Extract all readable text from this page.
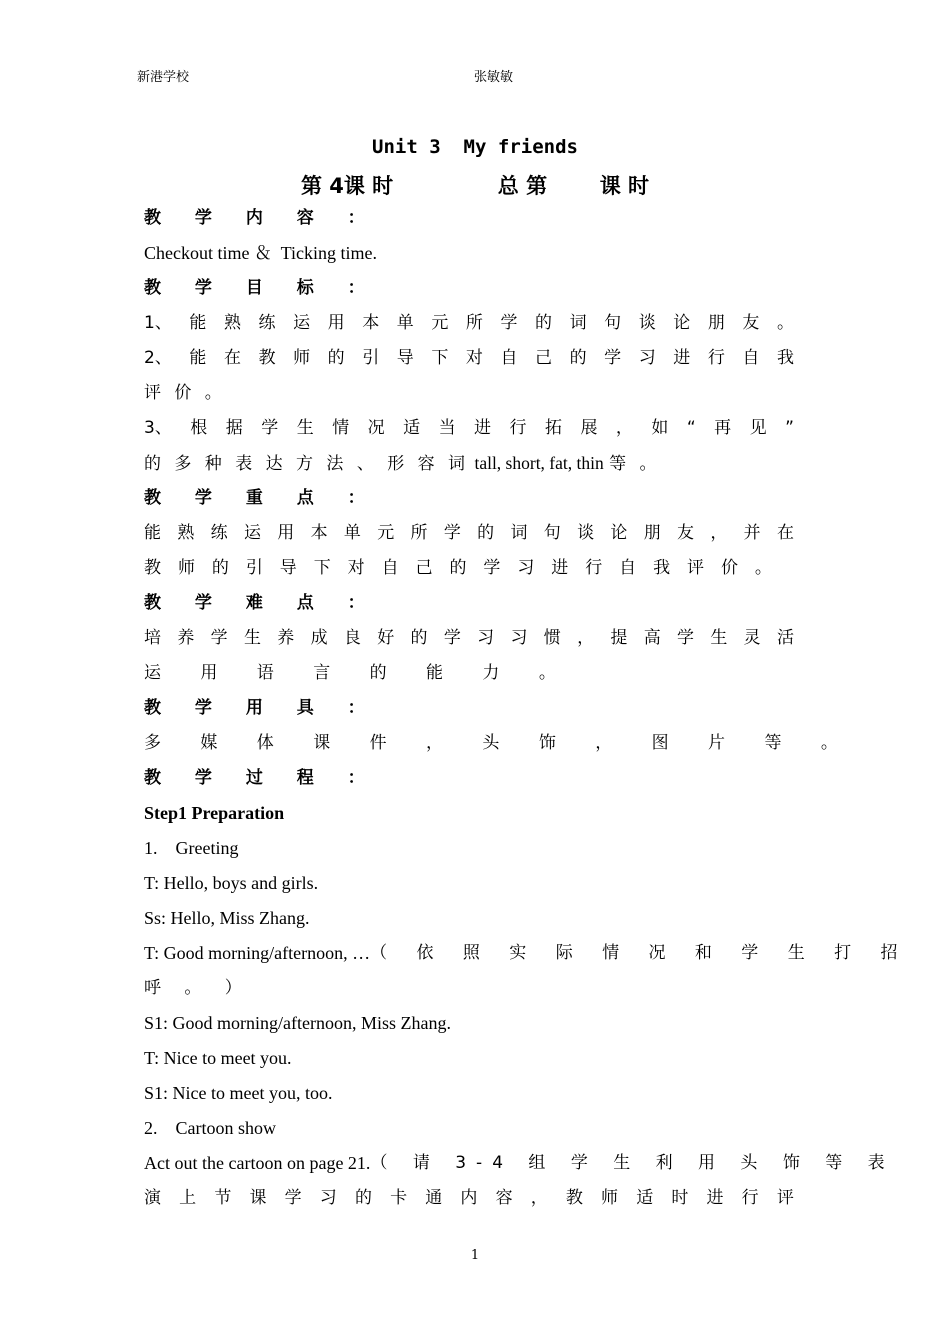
新港学校	张敏敏
Unit 3  My friends
第 4课 时	总 第	课 时
教 学 内 容 ：
Checkout time ＆  Ticking time.
教 学 目 标 ：
1、 能 熟 练 运 用 本 单 元 所 学 的 词 句 谈 论 朋 友 。
2、 能 在 教 师 的 引 导 下 对 自 己 的 学 习 进 行 自 我
评 价 。
3、 根 据 学 生 情 况 适 当 进 行 拓 展 ， 如 “ 再 见 ”
的 多 种 表 达 方 法 、 形 容 词 tall, short, fat, thin 等 。
教 学 重 点 ：
能 熟 练 运 用 本 单 元 所 学 的 词 句 谈 论 朋 友 ， 并 在
教 师 的 引 导 下 对 自 己 的 学 习 进 行 自 我 评 价 。
教 学 难 点 ：
培 养 学 生 养 成 良 好 的 学 习 习 惯 ， 提 高 学 生 灵 活
运 用 语 言 的 能 力 。
教 学 用 具 ：
多 媒 体 课 件 ， 头 饰 ， 图 片 等 。
教 学 过 程 ：
Step1 Preparation
1.    Greeting
T: Hello, boys and girls.
Ss: Hello, Miss Zhang.
T: Good morning/afternoon, … （ 依 照 实 际 情 况 和 学 生 打 招
呼 。 ）
S1: Good morning/afternoon, Miss Zhang.
T: Nice to meet you.
S1: Nice to meet you, too.
2.    Cartoon show
Act out the cartoon on page 21. （ 请 3-4 组 学 生 利 用 头 饰 等 表
演 上 节 课 学 习 的 卡 通 内 容 ， 教 师 适 时 进 行 评
1
